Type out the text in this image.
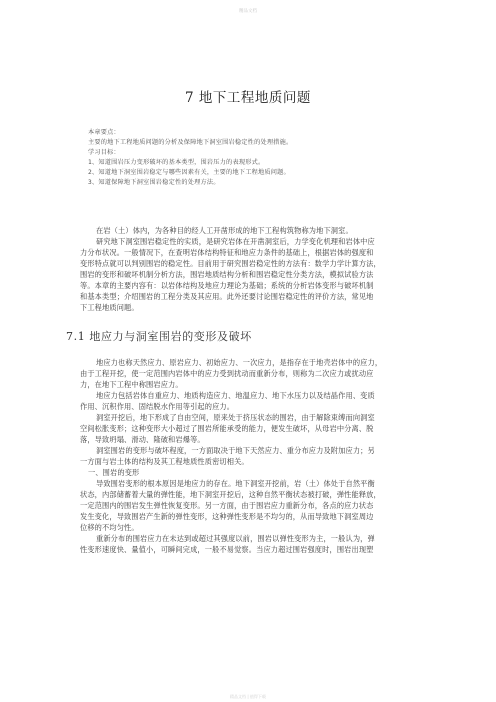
精品文档
7 地下工程地质问题
本章要点：
主要的地下工程地质问题的分析及保障地下洞室围岩稳定性的处理措施。
学习目标：
1、知道围岩压力变形破坏的基本类型，围岩压力的表现形式。
2、知道地下洞室围岩稳定与哪些因素有关，主要的地下工程地质问题。
3、知道保障地下洞室围岩稳定性的处理方法。
在岩（土）体内，为各种目的经人工开凿形成的地下工程构筑物称为地下洞室。
研究地下洞室围岩稳定性的实质，是研究岩体在开凿洞室后，力学变化机理和岩体中应
力分布状况。一般情况下，在查明岩体结构特征和地应力条件的基础上，根据岩体的强度和
变形特点就可以判别围岩的稳定性。目前用于研究围岩稳定性的方法有：数学力学计算方法，
围岩的变形和破坏机制分析方法，围岩地质结构分析和围岩稳定性分类方法，模拟试验方法
等。本章的主要内容有：以岩体结构及地应力理论为基础；系统的分析岩体变形与破坏机制
和基本类型；介绍围岩的工程分类及其应用。此外还要讨论围岩稳定性的评价方法，常见地
下工程地质问题。
7.1 地应力与洞室围岩的变形及破坏
地应力也称天然应力、原岩应力、初始应力、一次应力，是指存在于地壳岩体中的应力，
由于工程开挖，使一定范围内岩体中的应力受到扰动而重新分布，则称为二次应力或扰动应
力，在地下工程中称围岩应力。
地应力包括岩体自重应力、地质构造应力、地温应力、地下水压力以及结晶作用、变质
作用、沉积作用、固结脱水作用等引起的应力。
洞室开挖后，地下形成了自由空间，原来处于挤压状态的围岩，由于解除束缚而向洞室
空间松胀变形；这种变形大小超过了围岩所能承受的能力，便发生破坏，从母岩中分离、脱
落，导致坍塌、滑动、隆破和岩爆等。
洞室围岩的变形与破坏程度，一方面取决于地下天然应力、重分布应力及附加应力；另
一方面与岩土体的结构及其工程地质性质密切相关。
一、围岩的变形
导致围岩变形的根本原因是地应力的存在。地下洞室开挖前，岩（土）体处于自然平衡
状态，内部储蓄着大量的弹性能，地下洞室开挖后，这种自然平衡状态被打破，弹性能释放，
一定范围内的围岩发生弹性恢复变形。另一方面，由于围岩应力重新分布，各点的应力状态
发生变化，导致围岩产生新的弹性变形，这种弹性变形是不均匀的，从而导致地下洞室周边
位移的不均匀性。
重新分布的围岩应力在未达到或超过其强度以前，围岩以弹性变形为主，一般认为，弹
性变形速度快、量值小，可瞬间完成，一般不易觉察。当应力超过围岩强度时，围岩出现塑
精品文档 | 值得下载
